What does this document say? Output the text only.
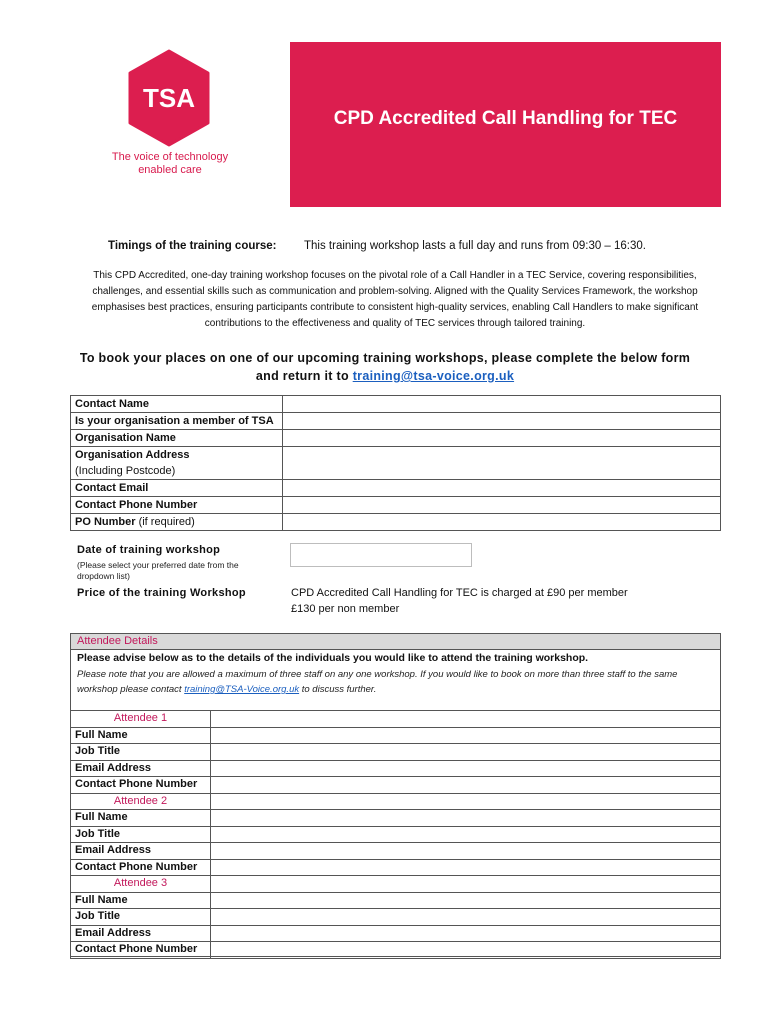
TSA
The voice of technology enabled care
CPD Accredited Call Handling for TEC
Timings of the training course: This training workshop lasts a full day and runs from 09:30 – 16:30.
This CPD Accredited, one-day training workshop focuses on the pivotal role of a Call Handler in a TEC Service, covering responsibilities, challenges, and essential skills such as communication and problem-solving. Aligned with the Quality Services Framework, the workshop emphasises best practices, ensuring participants contribute to consistent high-quality services, enabling Call Handlers to make significant contributions to the effectiveness and quality of TEC services through tailored training.
To book your places on one of our upcoming training workshops, please complete the below form and return it to training@tsa-voice.org.uk
Contact Name	
Is your organisation a member of TSA	
Organisation Name	
Organisation Address
(Including Postcode)	
Contact Email	
Contact Phone Number	
PO Number (if required)	
Date of training workshop
(Please select your preferred date from the dropdown list)
Price of the training Workshop	CPD Accredited Call Handling for TEC is charged at £90 per member
£130 per non member
Attendee Details
Please advise below as to the details of the individuals you would like to attend the training workshop.
Please note that you are allowed a maximum of three staff on any one workshop. If you would like to book on more than three staff to the same workshop please contact training@TSA-Voice.org.uk to discuss further.
Attendee 1	
Full Name	
Job Title	
Email Address	
Contact Phone Number	
Attendee 2	
Full Name	
Job Title	
Email Address	
Contact Phone Number	
Attendee 3	
Full Name	
Job Title	
Email Address	
Contact Phone Number	
